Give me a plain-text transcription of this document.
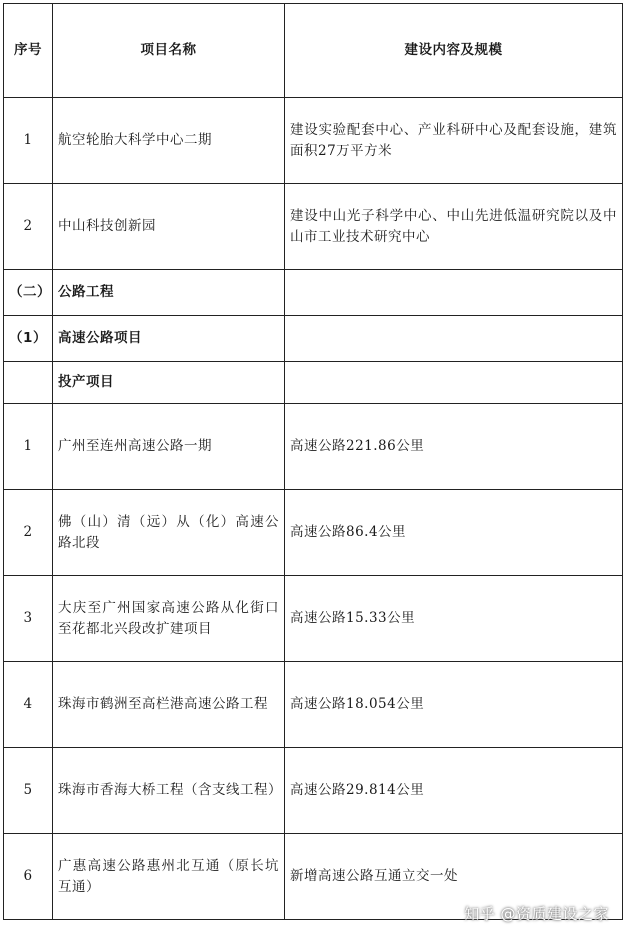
序号	项目名称	建设内容及规模
1	航空轮胎大科学中心二期	建设实验配套中心、产业科研中心及配套设施，建筑面积27万平方米
2	中山科技创新园	建设中山光子科学中心、中山先进低温研究院以及中山市工业技术研究中心
（二）	公路工程	
（1）	高速公路项目	
	投产项目	
1	广州至连州高速公路一期	高速公路221.86公里
2	佛（山）清（远）从（化）高速公路北段	高速公路86.4公里
3	大庆至广州国家高速公路从化街口至花都北兴段改扩建项目	高速公路15.33公里
4	珠海市鹤洲至高栏港高速公路工程	高速公路18.054公里
5	珠海市香海大桥工程（含支线工程）	高速公路29.814公里
6	广惠高速公路惠州北互通（原长坑互通）	新增高速公路互通立交一处
知乎 @资质建设之家
